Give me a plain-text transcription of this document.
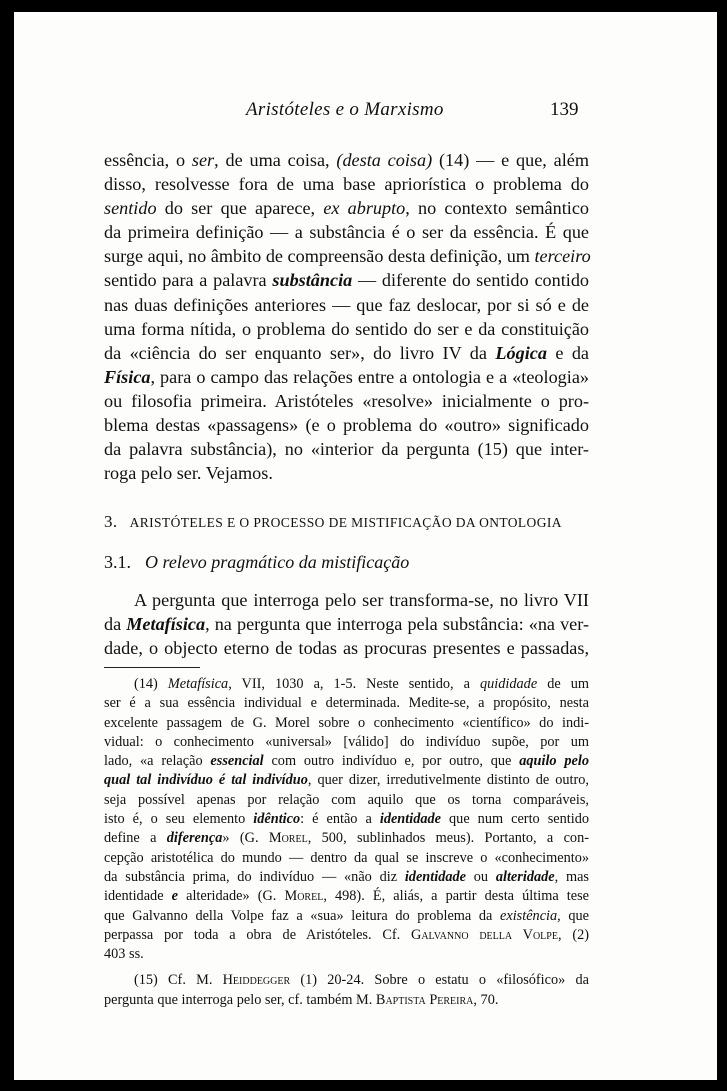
Aristóteles e o Marxismo	139
essência, o ser, de uma coisa, (desta coisa) (14) — e que, além
disso, resolvesse fora de uma base apriorística o problema do
sentido do ser que aparece, ex abrupto, no contexto semântico
da primeira definição — a substância é o ser da essência. É que
surge aqui, no âmbito de compreensão desta definição, um terceiro
sentido para a palavra substância — diferente do sentido contido
nas duas definições anteriores — que faz deslocar, por si só e de
uma forma nítida, o problema do sentido do ser e da constituição
da «ciência do ser enquanto ser», do livro IV da Lógica e da
Física, para o campo das relações entre a ontologia e a «teologia»
ou filosofia primeira. Aristóteles «resolve» inicialmente o pro-
blema destas «passagens» (e o problema do «outro» significado
da palavra substância), no «interior da pergunta (15) que inter-
roga pelo ser. Vejamos.
3. ARISTÓTELES E O PROCESSO DE MISTIFICAÇÃO DA ONTOLOGIA
3.1. O relevo pragmático da mistificação
A pergunta que interroga pelo ser transforma-se, no livro VII
da Metafísica, na pergunta que interroga pela substância: «na ver-
dade, o objecto eterno de todas as procuras presentes e passadas,
(14) Metafísica, VII, 1030 a, 1-5. Neste sentido, a quididade de um
ser é a sua essência individual e determinada. Medite-se, a propósito, nesta
excelente passagem de G. Morel sobre o conhecimento «científico» do indi-
vidual: o conhecimento «universal» [válido] do indivíduo supõe, por um
lado, «a relação essencial com outro indivíduo e, por outro, que aquilo pelo
qual tal indivíduo é tal indivíduo, quer dizer, irredutivelmente distinto de outro,
seja possível apenas por relação com aquilo que os torna comparáveis,
isto é, o seu elemento idêntico: é então a identidade que num certo sentido
define a diferença» (G. Morel, 500, sublinhados meus). Portanto, a con-
cepção aristotélica do mundo — dentro da qual se inscreve o «conhecimento»
da substância prima, do indivíduo — «não diz identidade ou alteridade, mas
identidade e alteridade» (G. Morel, 498). É, aliás, a partir desta última tese
que Galvanno della Volpe faz a «sua» leitura do problema da existência, que
perpassa por toda a obra de Aristóteles. Cf. Galvanno della Volpe, (2)
403 ss.
(15) Cf. M. Heiddegger (1) 20-24. Sobre o estatu o «filosófico» da
pergunta que interroga pelo ser, cf. também M. Baptista Pereira, 70.
